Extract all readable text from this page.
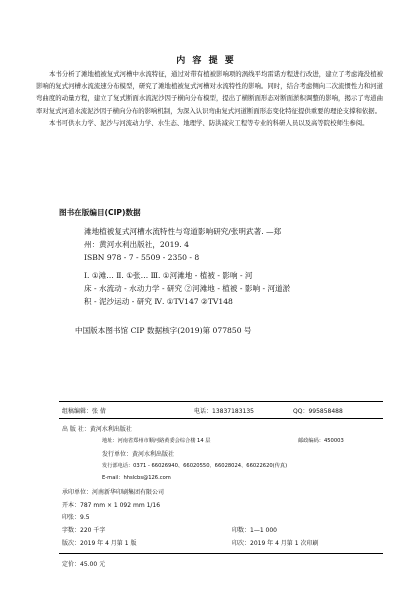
内 容 提 要

本书分析了滩地植被复式河槽中水流特征，通过对带有植被影响项的涡线平均雷诺方程进行改进，建立了考虑淹没植被影响的复式河槽水流流速分布模型，研究了滩地植被复式河槽对水流特性的影响。同时，结合考虑侧向二次流惯性力和河道弯曲度的动量方程，建立了复式断面水流泥沙因子横向分布模型，提出了横断面形态对断面淤积调整的影响，揭示了弯道曲率对复式河道水流泥沙因子横向分布的影响机制，为深入认识弯曲复式河道断面形态变化特征提供重要的理论支撑和依据。

本书可供水力学、泥沙与河流动力学、水生态、地理学、防洪减灾工程等专业的科研人员以及高等院校师生参阅。

图书在版编目(CIP)数据
滩地植被复式河槽水流特性与弯道影响研究/张明武著. —郑
州：黄河水利出版社，2019. 4
ISBN 978 - 7 - 5509 - 2350 - 8
Ⅰ. ①滩… Ⅱ. ①张… Ⅲ. ①河滩地 - 植被 - 影响 - 河
床 - 水流动 - 水动力学 - 研究 ②河滩地 - 植被 - 影响 - 河道淤
积 - 泥沙运动 - 研究 Ⅳ. ①TV147 ②TV148
中国版本图书馆 CIP 数据核字(2019)第 077850 号
组稿编辑：张 倩	电话：13837183135	QQ：995858488
出 版 社：黄河水利出版社
地址：河南省郑州市顺河路黄委会综合楼 14 层	邮政编码：450003
发行单位：黄河水利出版社
发行部电话：0371 - 66026940、66020550、66028024、66022620(传真)
E-mail：hhslcbs@126.com
承印单位：河南新华印刷集团有限公司
开本：787 mm × 1 092 mm 1/16
印张：9.5
字数：220 千字	印数：1—1 000
版次：2019 年 4 月第 1 版	印次：2019 年 4 月第 1 次印刷
定价：45.00 元
